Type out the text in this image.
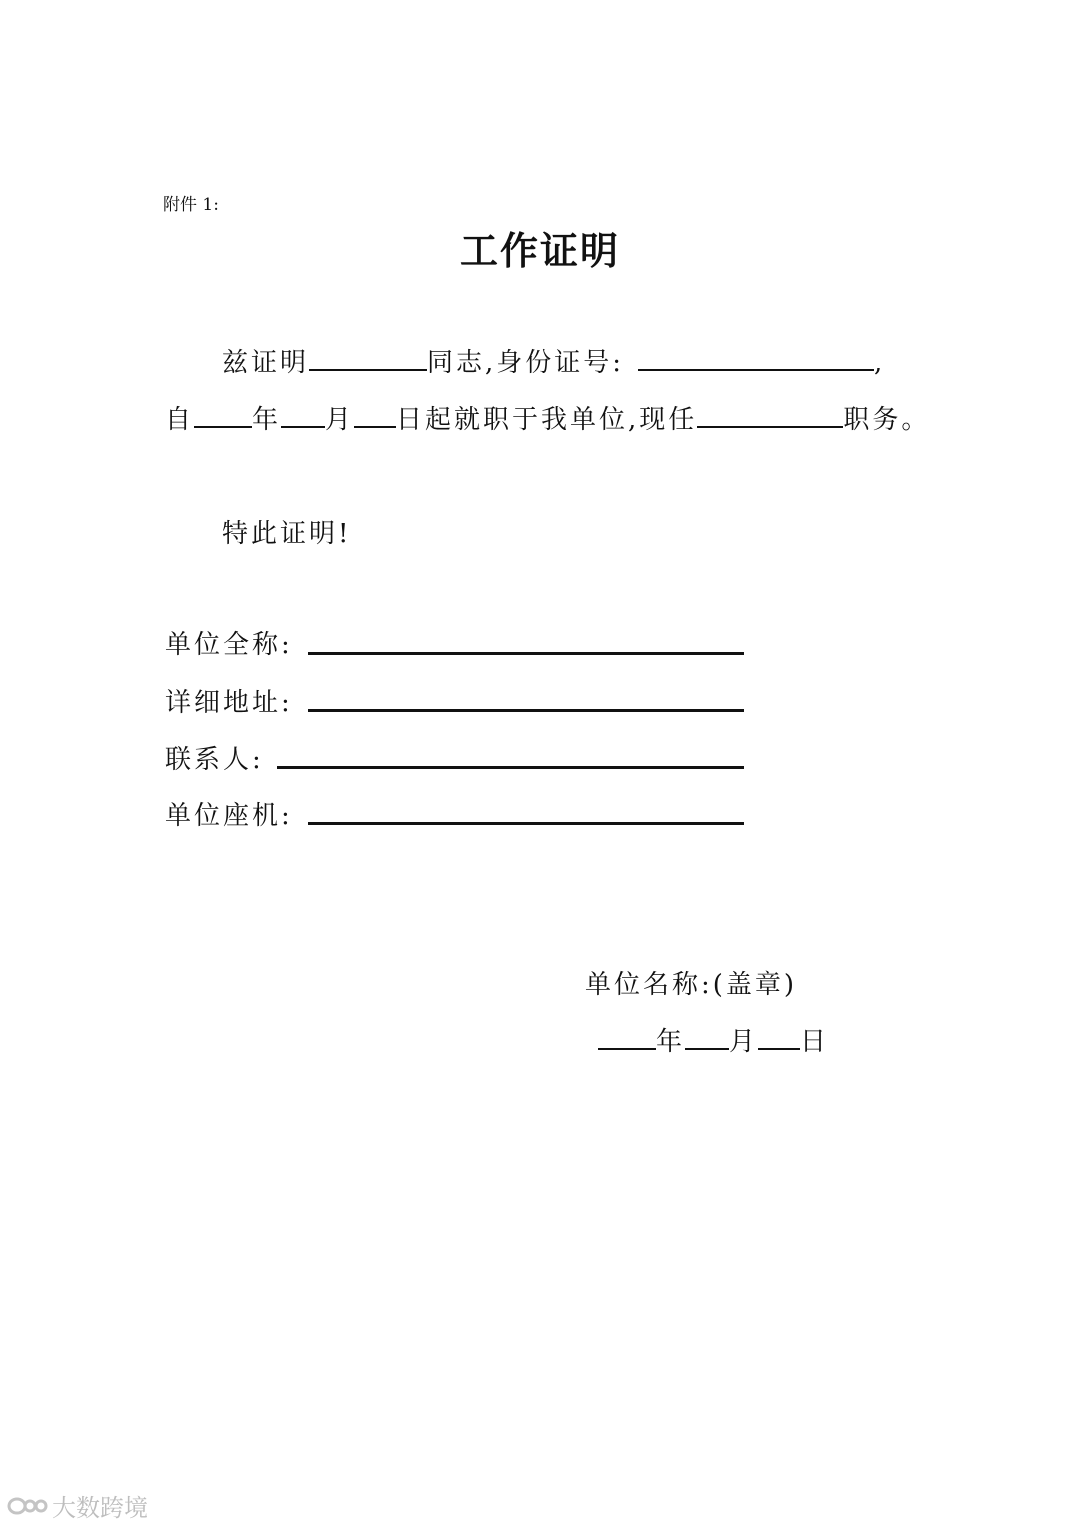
附件 1:
工作证明
兹证明	同志,身份证号:	,
自 年 月 日起就职于我单位,现任	职务。
特此证明!
单位全称:
详细地址:
联系人:
单位座机:
单位名称:(盖章)
年 月 日
大数跨境
